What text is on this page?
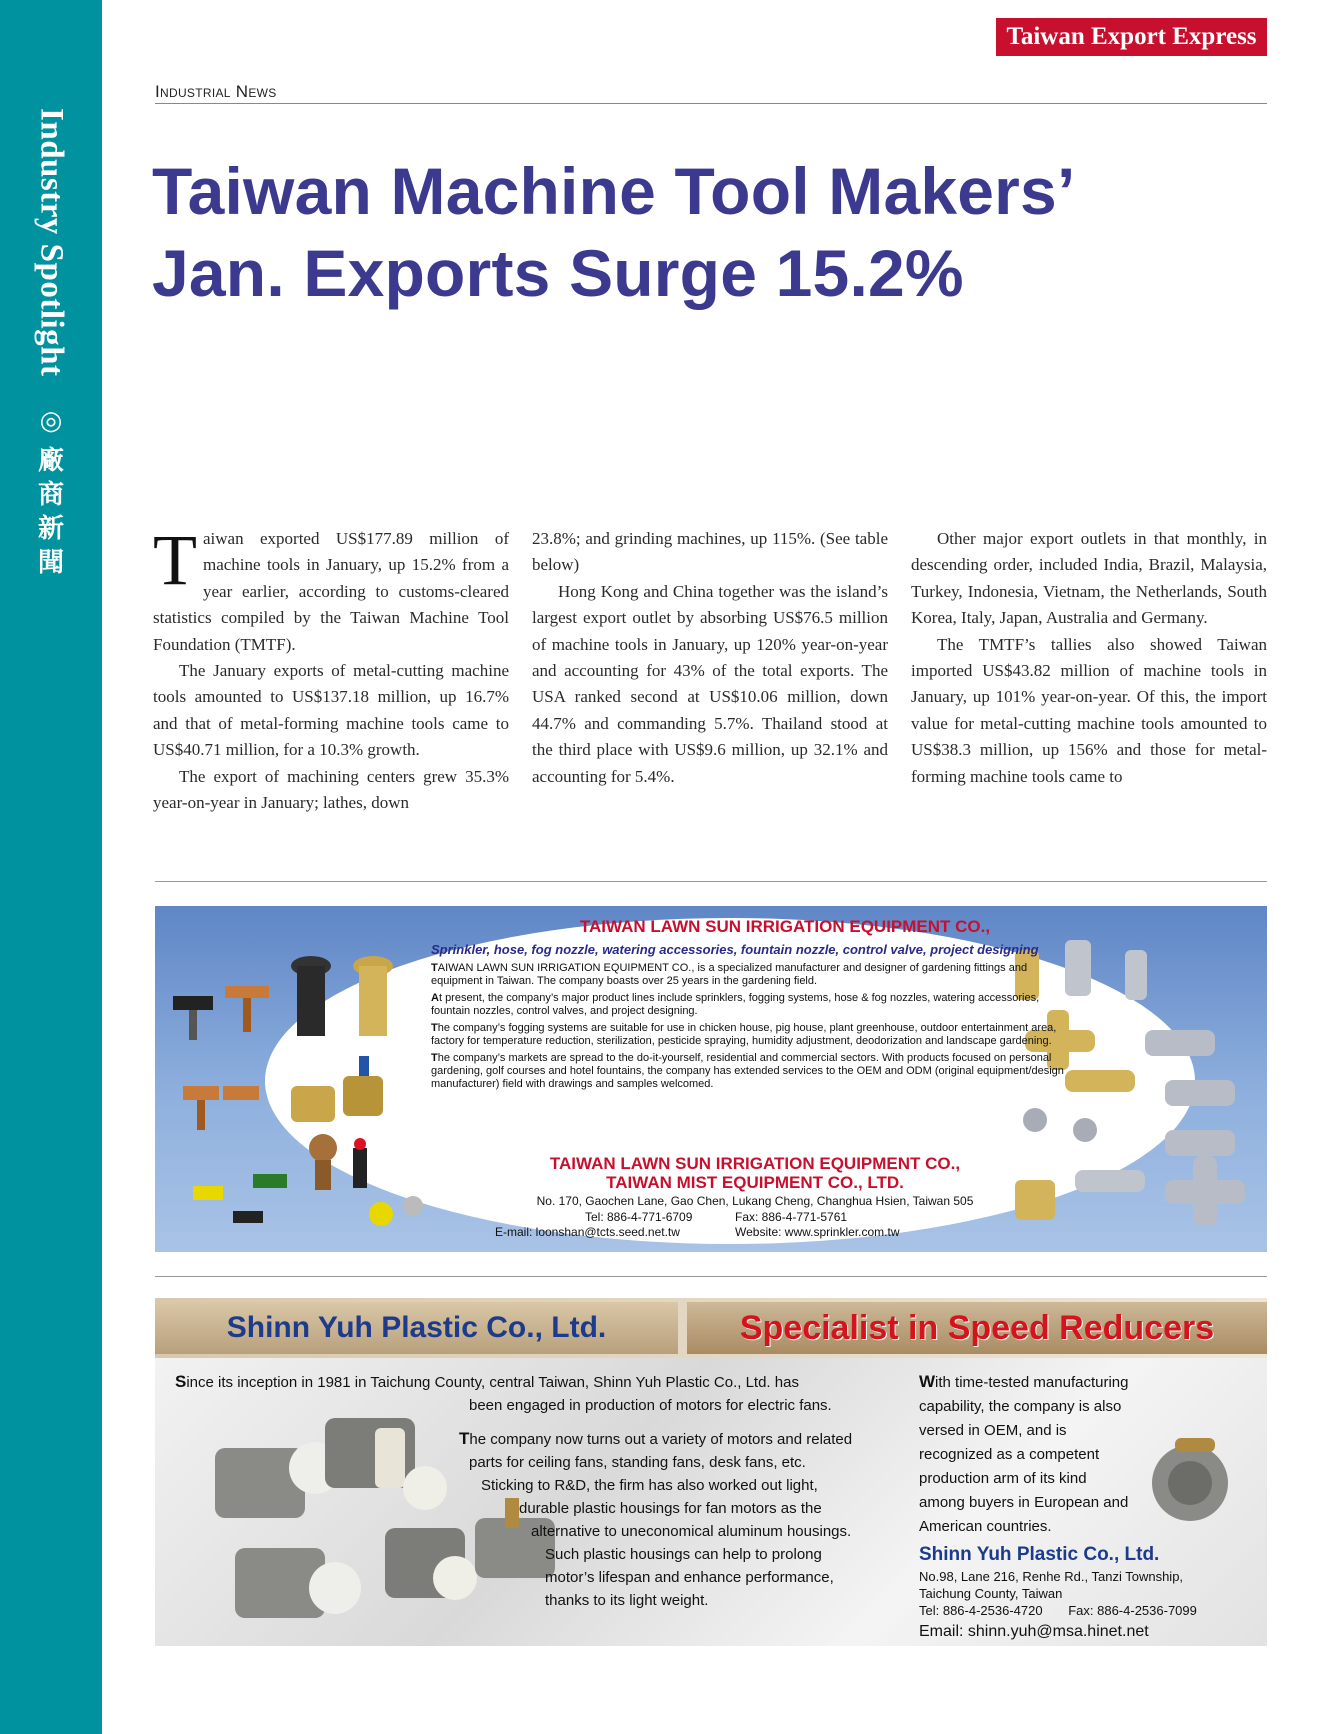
Industry Spotlight
◎
廠
商
新
聞
Taiwan Export Express
Industrial News
Taiwan Machine Tool Makers’
Jan. Exports Surge 15.2%

Taiwan exported US$177.89 million of machine tools in January, up 15.2% from a year earlier, according to customs-cleared statistics compiled by the Taiwan Machine Tool Foundation (TMTF).

The January exports of metal-cutting machine tools amounted to US$137.18 million, up 16.7% and that of metal-forming machine tools came to US$40.71 million, for a 10.3% growth.

The export of machining centers grew 35.3% year-on-year in January; lathes, down

23.8%; and grinding machines, up 115%. (See table below)

Hong Kong and China together was the island’s largest export outlet by absorbing US$76.5 million of machine tools in January, up 120% year-on-year and accounting for 43% of the total exports. The USA ranked second at US$10.06 million, down 44.7% and commanding 5.7%. Thailand stood at the third place with US$9.6 million, up 32.1% and accounting for 5.4%.

Other major export outlets in that monthly, in descending order, included India, Brazil, Malaysia, Turkey, Indonesia, Vietnam, the Netherlands, South Korea, Italy, Japan, Australia and Germany.

The TMTF’s tallies also showed Taiwan imported US$43.82 million of machine tools in January, up 101% year-on-year. Of this, the import value for metal-cutting machine tools amounted to US$38.3 million, up 156% and those for metal-forming machine tools came to

TAIWAN LAWN SUN IRRIGATION EQUIPMENT CO.,
Sprinkler, hose, fog nozzle, watering accessories, fountain nozzle, control valve, project designing

TAIWAN LAWN SUN IRRIGATION EQUIPMENT CO., is a specialized manufacturer and designer of gardening fittings and equipment in Taiwan. The company boasts over 25 years in the gardening field.

At present, the company’s major product lines include sprinklers, fogging systems, hose & fog nozzles, watering accessories, fountain nozzles, control valves, and project designing.

The company’s fogging systems are suitable for use in chicken house, pig house, plant greenhouse, outdoor entertainment area, factory for temperature reduction, sterilization, pesticide spraying, humidity adjustment, deodorization and landscape gardening.

The company’s markets are spread to the do-it-yourself, residential and commercial sectors. With products focused on personal gardening, golf courses and hotel fountains, the company has extended services to the OEM and ODM (original equipment/design manufacturer) field with drawings and samples welcomed.

TAIWAN LAWN SUN IRRIGATION EQUIPMENT CO.,
TAIWAN MIST EQUIPMENT CO., LTD.
No. 170, Gaochen Lane, Gao Chen, Lukang Cheng, Changhua Hsien, Taiwan 505
Tel: 886-4-771-6709	Fax: 886-4-771-5761
E-mail: loonshan@tcts.seed.net.tw	Website: www.sprinkler.com.tw
Shinn Yuh Plastic Co., Ltd.	Specialist in Speed Reducers

Since its inception in 1981 in Taichung County, central Taiwan, Shinn Yuh Plastic Co., Ltd. has

been engaged in production of motors for electric fans.

The company now turns out a variety of motors and related

parts for ceiling fans, standing fans, desk fans, etc.

Sticking to R&D, the firm has also worked out light,

durable plastic housings for fan motors as the

alternative to uneconomical aluminum housings.

Such plastic housings can help to prolong

motor’s lifespan and enhance performance,

thanks to its light weight.

With time-tested manufacturing capability, the company is also versed in OEM, and is recognized as a competent production arm of its kind among buyers in European and American countries.

Shinn Yuh Plastic Co., Ltd.
No.98, Lane 216, Renhe Rd., Tanzi Township,
Taichung County, Taiwan
Tel: 886-4-2536-4720 Fax: 886-4-2536-7099
Email: shinn.yuh@msa.hinet.net
